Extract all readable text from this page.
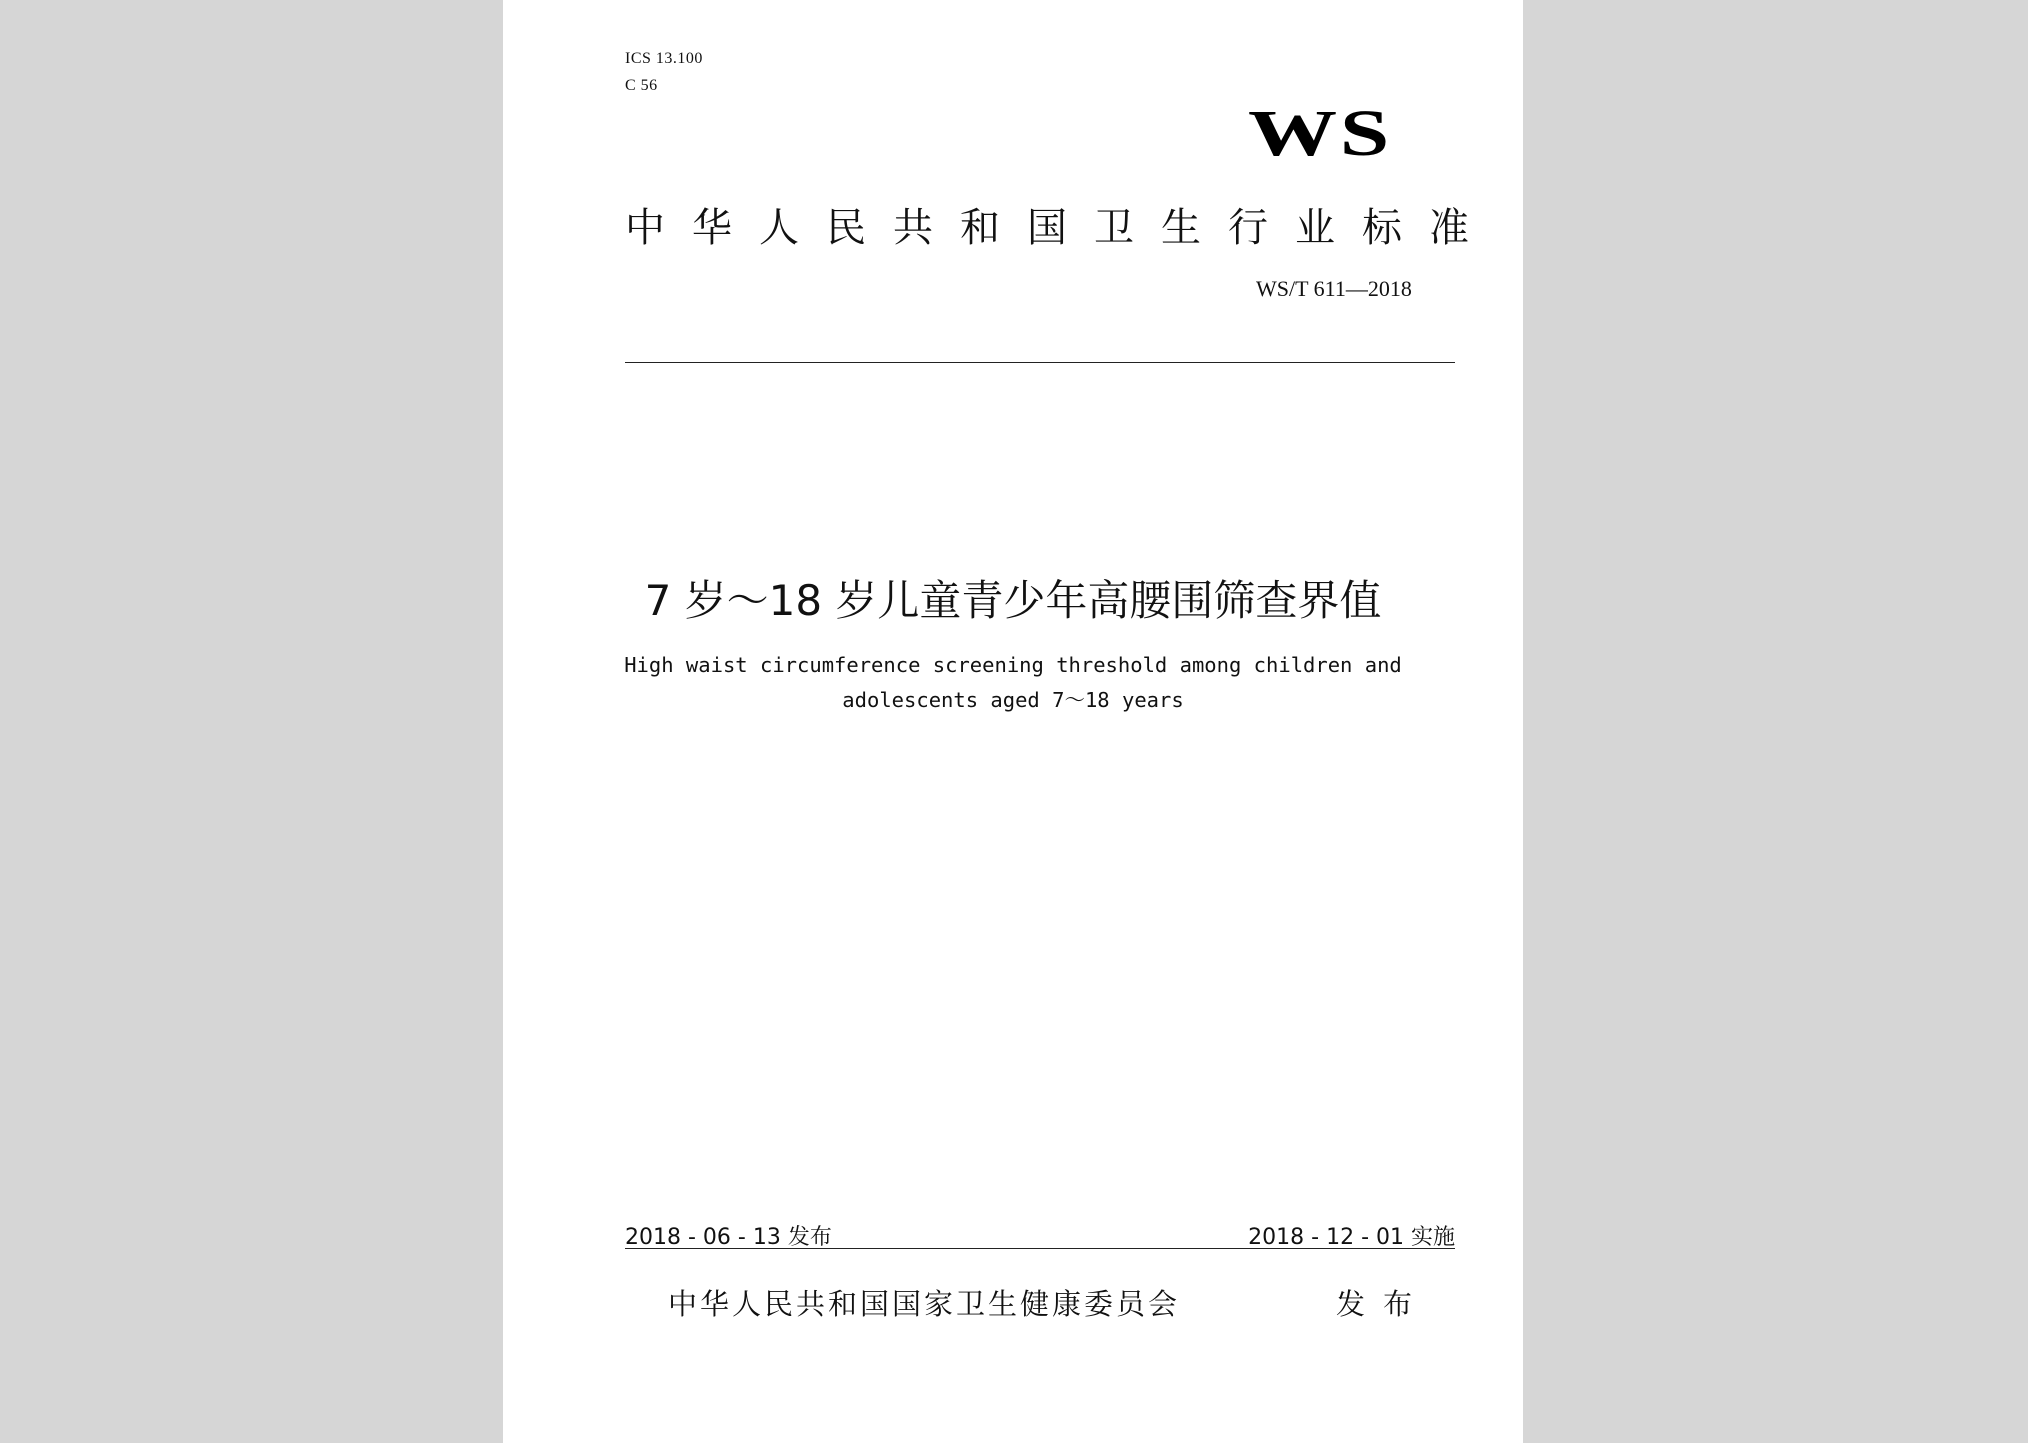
ICS 13.100
C 56
WS
中华人民共和国卫生行业标准
WS/T 611—2018
7 岁～18 岁儿童青少年高腰围筛查界值
High waist circumference screening threshold among children and
adolescents aged 7～18 years
2018 - 06 - 13 发布	2018 - 12 - 01 实施
中华人民共和国国家卫生健康委员会	发布
